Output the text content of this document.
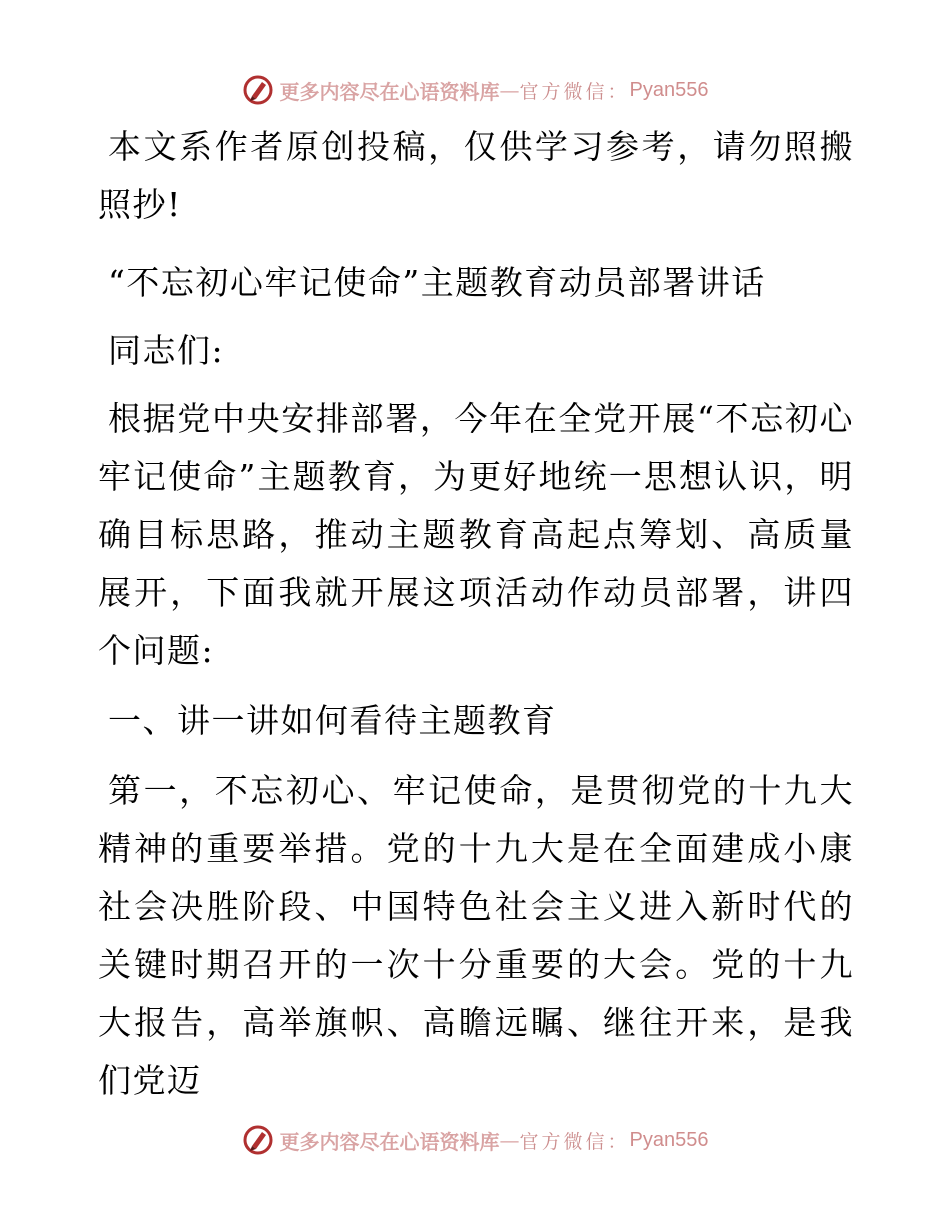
更多内容尽在心语资料库 — 官方微信： Pyan556

本文系作者原创投稿，仅供学习参考，请勿照搬照抄!

“不忘初心牢记使命”主题教育动员部署讲话

同志们:

根据党中央安排部署，今年在全党开展“不忘初心牢记使命”主题教育，为更好地统一思想认识，明确目标思路，推动主题教育高起点筹划、高质量展开，下面我就开展这项活动作动员部署，讲四个问题:

一、讲一讲如何看待主题教育

第一，不忘初心、牢记使命，是贯彻党的十九大精神的重要举措。党的十九大是在全面建成小康社会决胜阶段、中国特色社会主义进入新时代的关键时期召开的一次十分重要的大会。党的十九大报告，高举旗帜、高瞻远瞩、继往开来，是我们党迈

更多内容尽在心语资料库 — 官方微信： Pyan556
